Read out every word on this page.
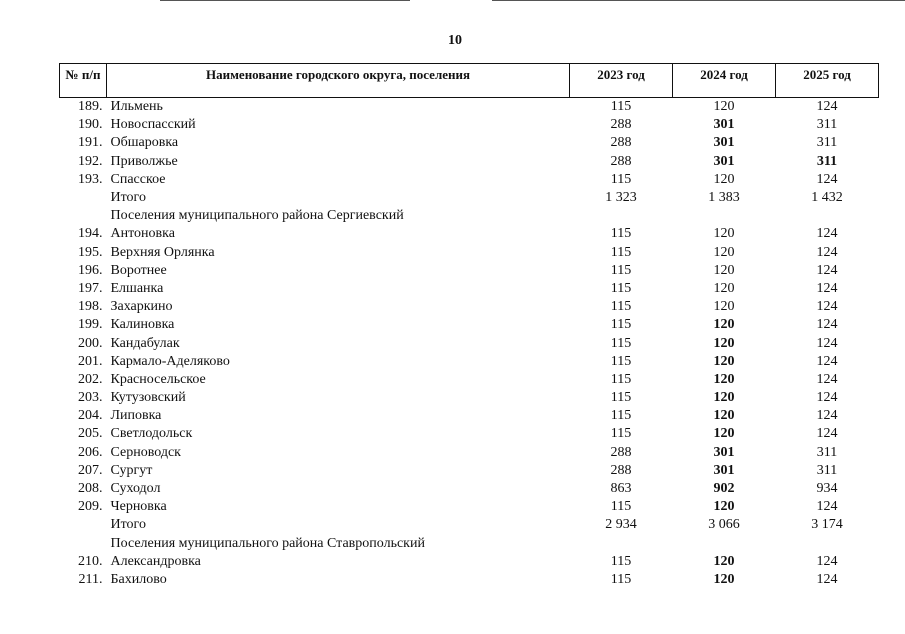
10
№ п/п	Наименование городского округа, поселения	2023 год	2024 год	2025 год
189.	Ильмень	115	120	124
190.	Новоспасский	288	301	311
191.	Обшаровка	288	301	311
192.	Приволжье	288	301	311
193.	Спасское	115	120	124
	Итого	1 323	1 383	1 432
	Поселения муниципального района Сергиевский			
194.	Антоновка	115	120	124
195.	Верхняя Орлянка	115	120	124
196.	Воротнее	115	120	124
197.	Елшанка	115	120	124
198.	Захаркино	115	120	124
199.	Калиновка	115	120	124
200.	Кандабулак	115	120	124
201.	Кармало-Аделяково	115	120	124
202.	Красносельское	115	120	124
203.	Кутузовский	115	120	124
204.	Липовка	115	120	124
205.	Светлодольск	115	120	124
206.	Серноводск	288	301	311
207.	Сургут	288	301	311
208.	Суходол	863	902	934
209.	Черновка	115	120	124
	Итого	2 934	3 066	3 174
	Поселения муниципального района Ставропольский			
210.	Александровка	115	120	124
211.	Бахилово	115	120	124
